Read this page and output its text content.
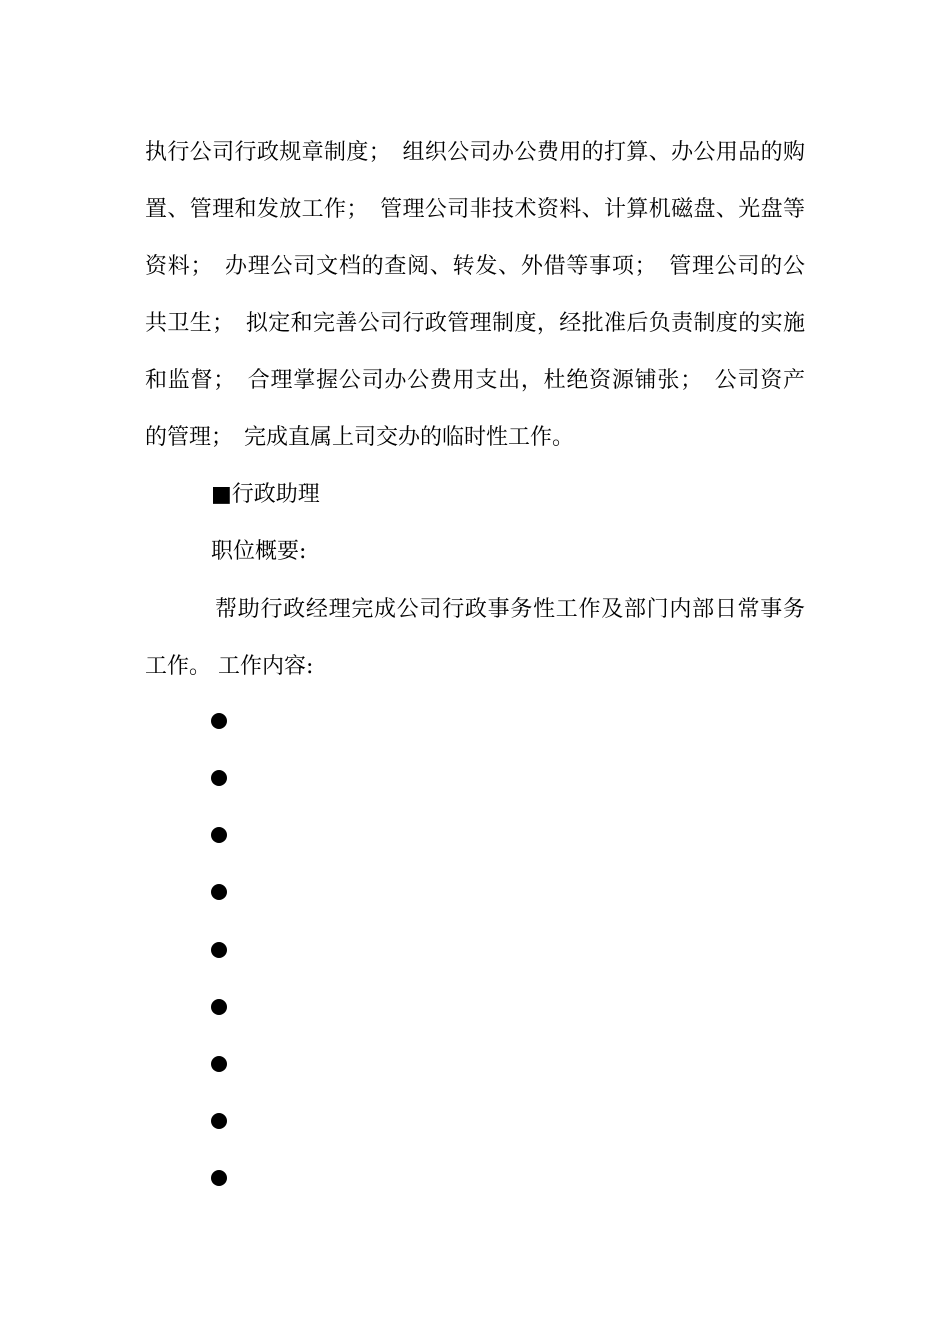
执行公司行政规章制度；　组织公司办公费用的打算、办公用品的购
置、管理和发放工作；　管理公司非技术资料、计算机磁盘、光盘等
资料；　办理公司文档的查阅、转发、外借等事项；　管理公司的公
共卫生；　拟定和完善公司行政管理制度，经批准后负责制度的实施
和监督；　合理掌握公司办公费用支出，杜绝资源铺张；　公司资产
的管理；　完成直属上司交办的临时性工作。
■行政助理
职位概要:
帮助行政经理完成公司行政事务性工作及部门内部日常事务
工作。 工作内容:
